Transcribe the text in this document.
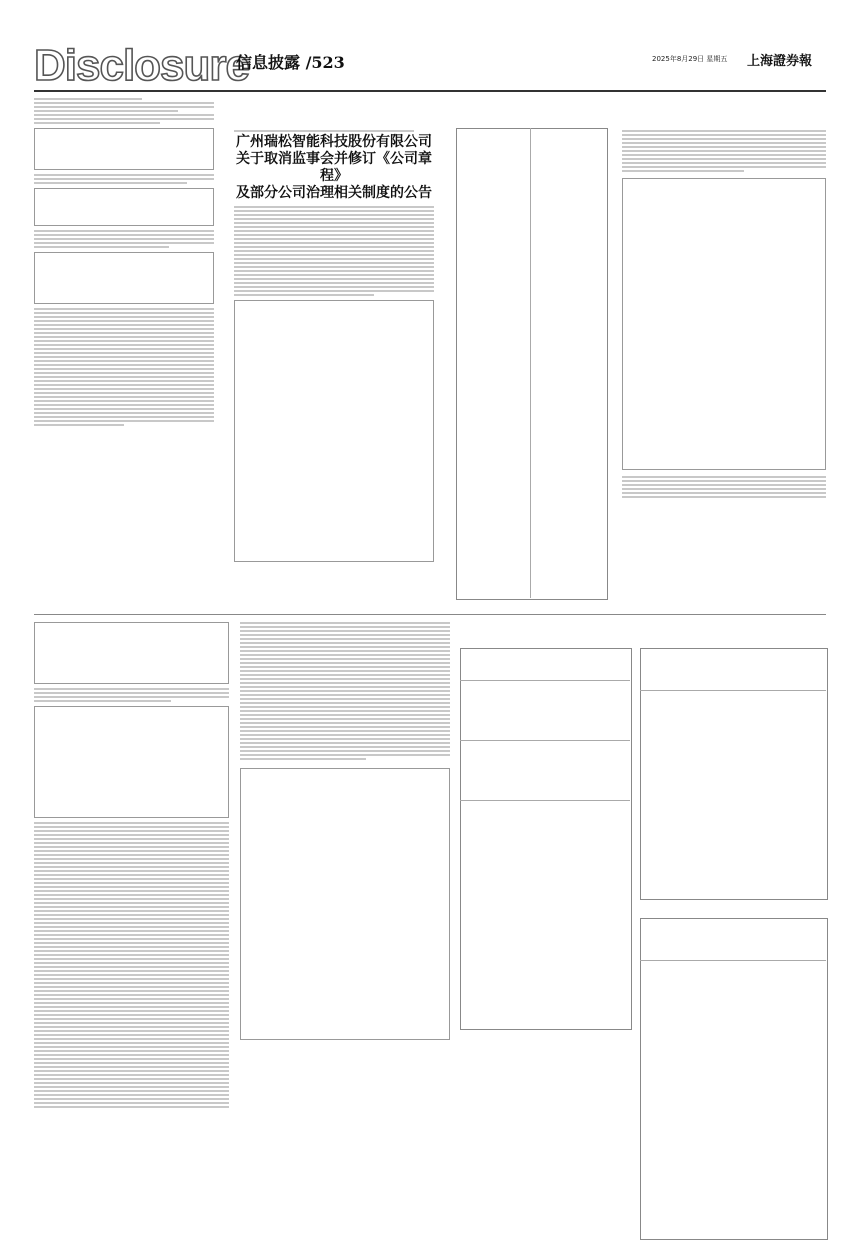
Disclosure
信息披露 /523	2025年8月29日 星期五 上海證券報
广州瑞松智能科技股份有限公司
关于取消监事会并修订《公司章程》
及部分公司治理相关制度的公告
